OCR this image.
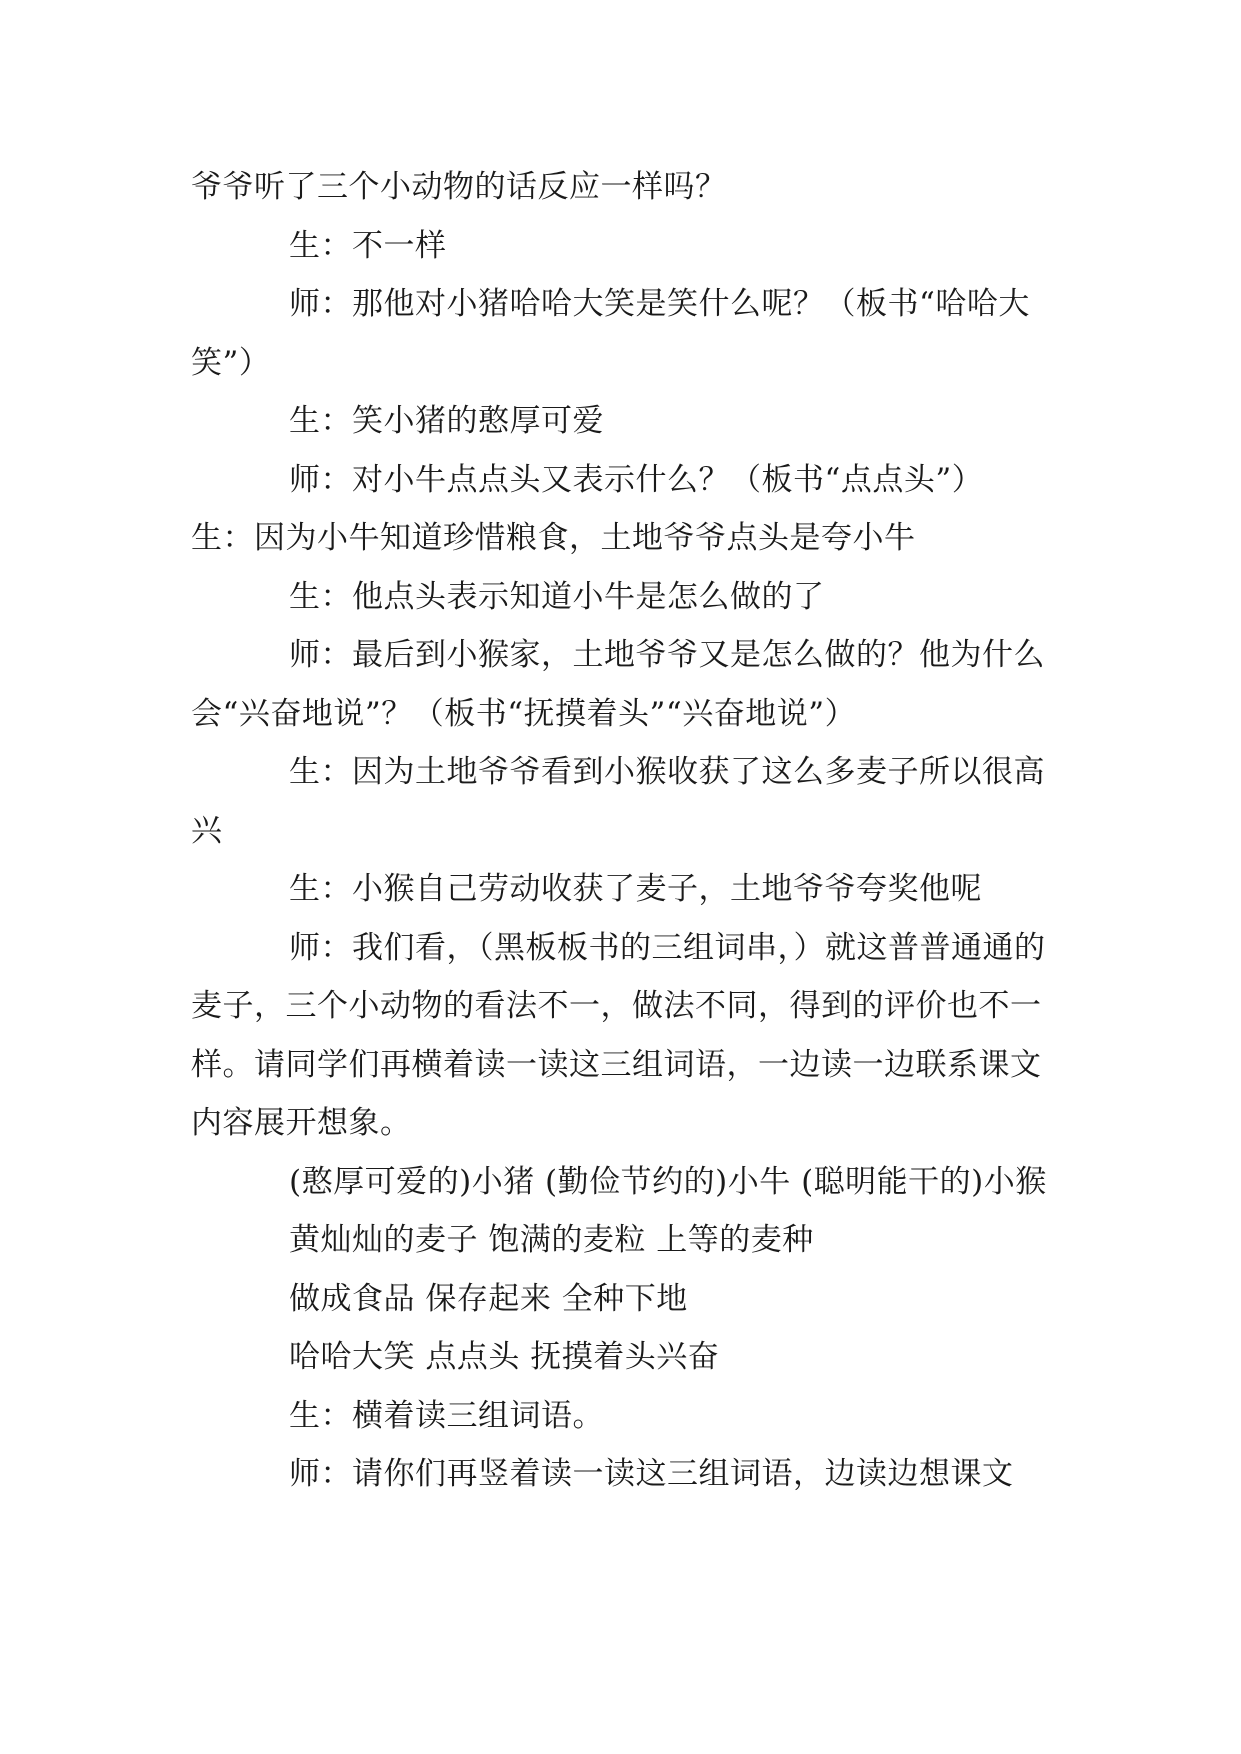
爷爷听了三个小动物的话反应一样吗？

生：不一样

师：那他对小猪哈哈大笑是笑什么呢？（板书“哈哈大笑”）

生：笑小猪的憨厚可爱

师：对小牛点点头又表示什么？（板书“点点头”）

生：因为小牛知道珍惜粮食，土地爷爷点头是夸小牛

生：他点头表示知道小牛是怎么做的了

师：最后到小猴家，土地爷爷又是怎么做的？他为什么会“兴奋地说”？（板书“抚摸着头”“兴奋地说”）

生：因为土地爷爷看到小猴收获了这么多麦子所以很高兴

生：小猴自己劳动收获了麦子，土地爷爷夸奖他呢

师：我们看，（黑板板书的三组词串，）就这普普通通的麦子，三个小动物的看法不一，做法不同，得到的评价也不一样。请同学们再横着读一读这三组词语，一边读一边联系课文内容展开想象。

(憨厚可爱的)小猪 (勤俭节约的)小牛 (聪明能干的)小猴

黄灿灿的麦子 饱满的麦粒 上等的麦种

做成食品 保存起来 全种下地

哈哈大笑 点点头 抚摸着头兴奋

生：横着读三组词语。

师：请你们再竖着读一读这三组词语，边读边想课文
